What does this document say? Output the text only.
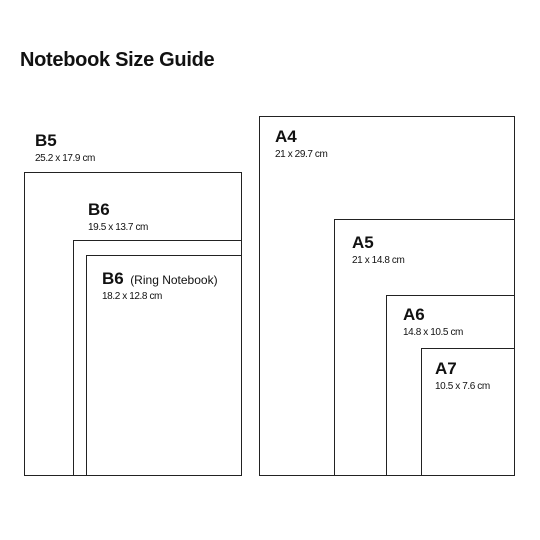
Notebook Size Guide
B5
25.2 x 17.9 cm
B6
19.5 x 13.7 cm
B6 (Ring Notebook)
18.2 x 12.8 cm
A4
21 x 29.7 cm
A5
21 x 14.8 cm
A6
14.8 x 10.5 cm
A7
10.5 x 7.6 cm
